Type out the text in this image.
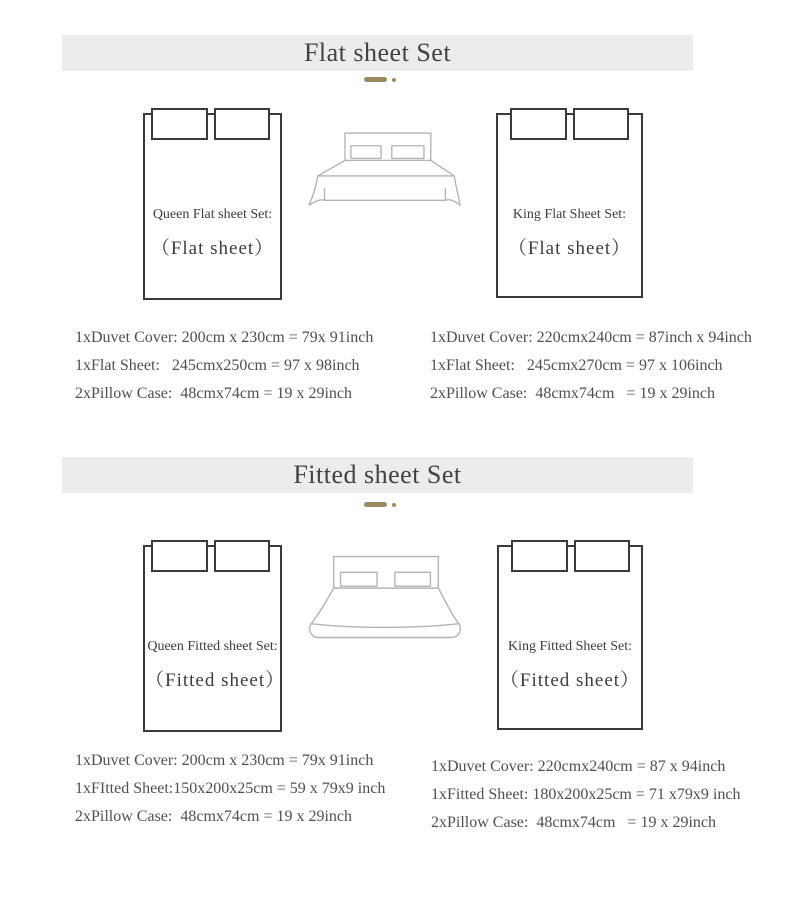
Flat sheet Set
Queen Flat sheet Set:
（Flat sheet）
King Flat Sheet Set:
（Flat sheet）
1xDuvet Cover: 200cm x 230cm = 79x 91inch
1xFlat Sheet:   245cmx250cm = 97 x 98inch
2xPillow Case:  48cmx74cm = 19 x 29inch
1xDuvet Cover: 220cmx240cm = 87inch x 94inch
1xFlat Sheet:   245cmx270cm = 97 x 106inch
2xPillow Case:  48cmx74cm   = 19 x 29inch
Fitted sheet Set
Queen Fitted sheet Set:
（Fitted sheet）
King Fitted Sheet Set:
（Fitted sheet）
1xDuvet Cover: 200cm x 230cm = 79x 91inch
1xFItted Sheet:150x200x25cm = 59 x 79x9 inch
2xPillow Case:  48cmx74cm = 19 x 29inch
1xDuvet Cover: 220cmx240cm = 87 x 94inch
1xFitted Sheet: 180x200x25cm = 71 x79x9 inch
2xPillow Case:  48cmx74cm   = 19 x 29inch
